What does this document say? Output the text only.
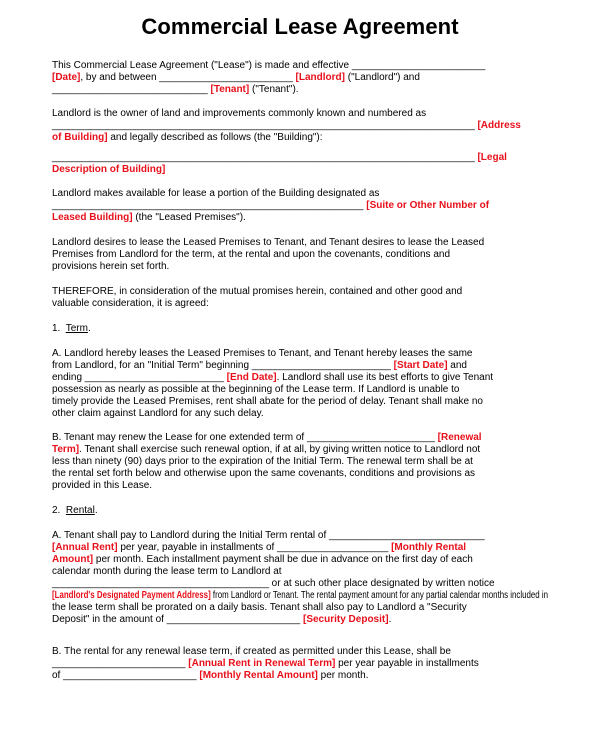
Commercial Lease Agreement
This Commercial Lease Agreement ("Lease") is made and effective ________________________
[Date], by and between ________________________ [Landlord] ("Landlord") and
____________________________ [Tenant] ("Tenant").
Landlord is the owner of land and improvements commonly known and numbered as
____________________________________________________________________________ [Address
of Building] and legally described as follows (the "Building"):
____________________________________________________________________________ [Legal
Description of Building]
Landlord makes available for lease a portion of the Building designated as
________________________________________________________ [Suite or Other Number of
Leased Building] (the "Leased Premises").
Landlord desires to lease the Leased Premises to Tenant, and Tenant desires to lease the Leased
Premises from Landlord for the term, at the rental and upon the covenants, conditions and
provisions herein set forth.
THEREFORE, in consideration of the mutual promises herein, contained and other good and
valuable consideration, it is agreed:
1.  Term.
A. Landlord hereby leases the Leased Premises to Tenant, and Tenant hereby leases the same
from Landlord, for an "Initial Term" beginning _________________________ [Start Date] and
ending _________________________ [End Date]. Landlord shall use its best efforts to give Tenant
possession as nearly as possible at the beginning of the Lease term. If Landlord is unable to
timely provide the Leased Premises, rent shall abate for the period of delay. Tenant shall make no
other claim against Landlord for any such delay.
B. Tenant may renew the Lease for one extended term of _______________________ [Renewal
Term]. Tenant shall exercise such renewal option, if at all, by giving written notice to Landlord not
less than ninety (90) days prior to the expiration of the Initial Term. The renewal term shall be at
the rental set forth below and otherwise upon the same covenants, conditions and provisions as
provided in this Lease.
2.  Rental.
A. Tenant shall pay to Landlord during the Initial Term rental of ____________________________
[Annual Rent] per year, payable in installments of ____________________ [Monthly Rental
Amount] per month. Each installment payment shall be due in advance on the first day of each
calendar month during the lease term to Landlord at
_______________________________________ or at such other place designated by written notice
[Landlord's Designated Payment Address] from Landlord or Tenant. The rental payment amount for any partial calendar months included in
the lease term shall be prorated on a daily basis. Tenant shall also pay to Landlord a "Security
Deposit" in the amount of ________________________ [Security Deposit].
B. The rental for any renewal lease term, if created as permitted under this Lease, shall be
________________________ [Annual Rent in Renewal Term] per year payable in installments
of ________________________ [Monthly Rental Amount] per month.
